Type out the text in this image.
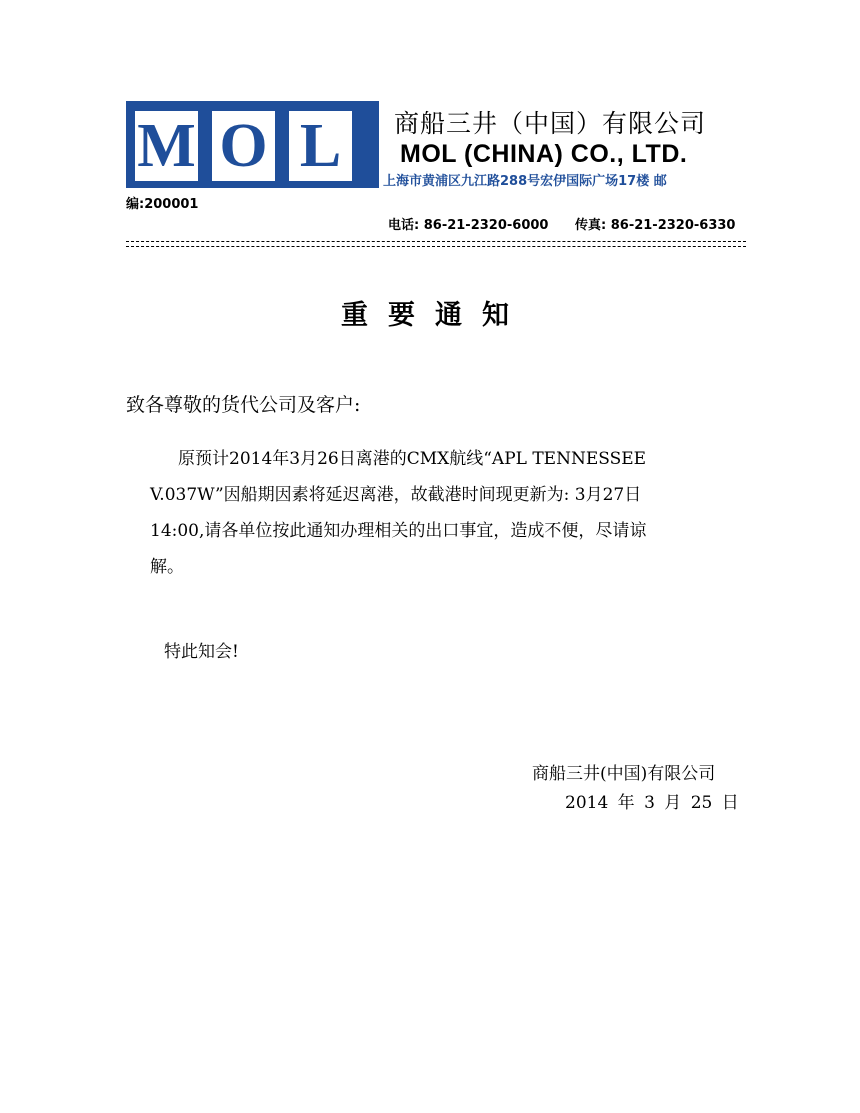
M O L	商船三井（中国）有限公司
MOL (CHINA) CO., LTD.
上海市黄浦区九江路288号宏伊国际广场17楼 邮
编:200001
电话: 86-21-2320-6000 传真: 86-21-2320-6330
重要通知
致各尊敬的货代公司及客户:

原预计2014年3月26日离港的CMX航线“APL TENNESSEE

V.037W”因船期因素将延迟离港，故截港时间现更新为: 3月27日

14:00,请各单位按此通知办理相关的出口事宜，造成不便，尽请谅

解。

特此知会!
商船三井(中国)有限公司
2014 年 3 月 25 日
